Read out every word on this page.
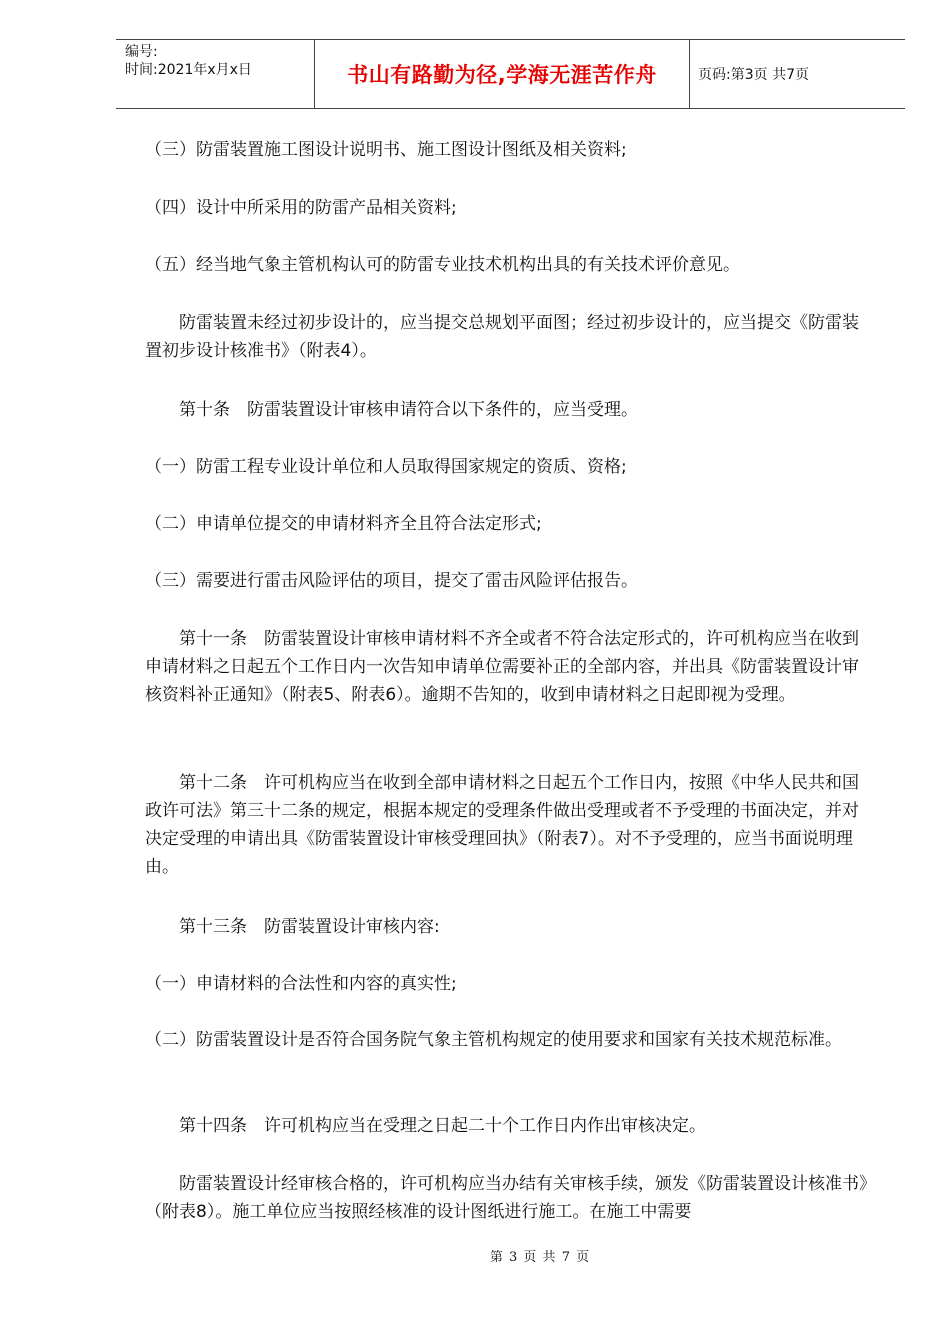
编号:
时间:2021年x月x日	书山有路勤为径,学海无涯苦作舟	页码:第3页 共7页

（三）防雷装置施工图设计说明书、施工图设计图纸及相关资料;

（四）设计中所采用的防雷产品相关资料;

（五）经当地气象主管机构认可的防雷专业技术机构出具的有关技术评价意见。

　　防雷装置未经过初步设计的，应当提交总规划平面图；经过初步设计的，应当提交《防雷装置初步设计核准书》（附表4）。

　　第十条　防雷装置设计审核申请符合以下条件的，应当受理。

（一）防雷工程专业设计单位和人员取得国家规定的资质、资格;

（二）申请单位提交的申请材料齐全且符合法定形式;

（三）需要进行雷击风险评估的项目，提交了雷击风险评估报告。

　　第十一条　防雷装置设计审核申请材料不齐全或者不符合法定形式的，许可机构应当在收到申请材料之日起五个工作日内一次告知申请单位需要补正的全部内容，并出具《防雷装置设计审核资料补正通知》（附表5、附表6）。逾期不告知的，收到申请材料之日起即视为受理。

　　第十二条　许可机构应当在收到全部申请材料之日起五个工作日内，按照《中华人民共和国政许可法》第三十二条的规定，根据本规定的受理条件做出受理或者不予受理的书面决定，并对决定受理的申请出具《防雷装置设计审核受理回执》（附表7）。对不予受理的，应当书面说明理由。

　　第十三条　防雷装置设计审核内容:

（一）申请材料的合法性和内容的真实性;

（二）防雷装置设计是否符合国务院气象主管机构规定的使用要求和国家有关技术规范标准。

　　第十四条　许可机构应当在受理之日起二十个工作日内作出审核决定。

　　防雷装置设计经审核合格的，许可机构应当办结有关审核手续，颁发《防雷装置设计核准书》（附表8）。施工单位应当按照经核准的设计图纸进行施工。在施工中需要

第 3 页 共 7 页
